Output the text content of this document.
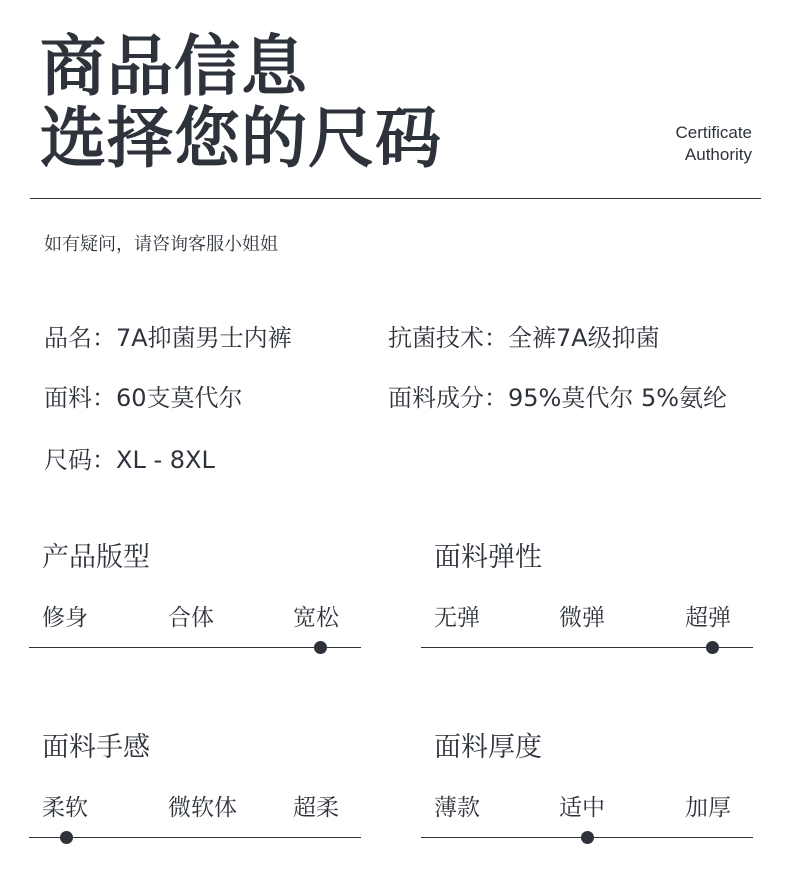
商品信息
选择您的尺码	Certificate
Authority
如有疑问，请咨询客服小姐姐
品名：7A抑菌男士内裤	抗菌技术：全裤7A级抑菌
面料：60支莫代尔	面料成分：95%莫代尔 5%氨纶
尺码：XL - 8XL
产品版型
修身	合体	宽松
面料弹性
无弹	微弹	超弹
面料手感
柔软	微软体 超柔
面料厚度
薄款	适中	加厚
